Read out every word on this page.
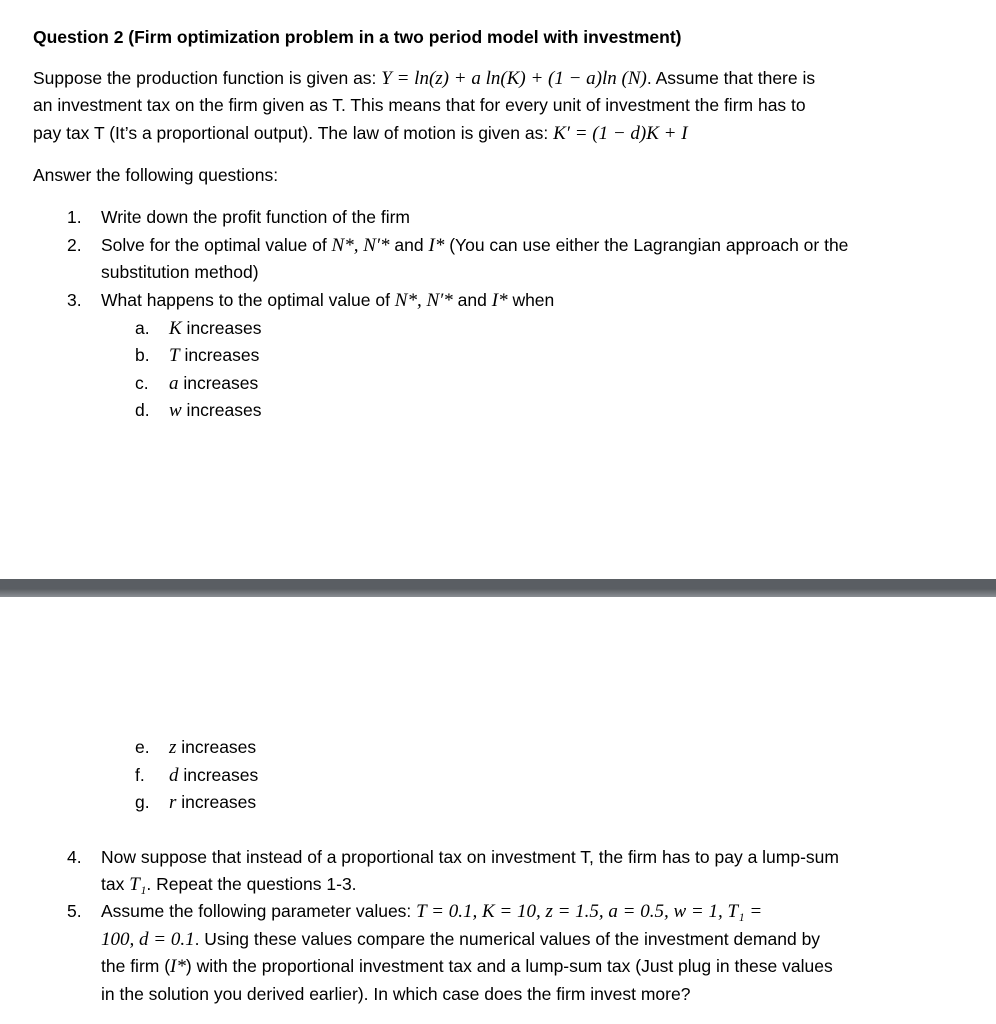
Question 2 (Firm optimization problem in a two period model with investment)
Suppose the production function is given as: Y = ln(z) + a ln(K) + (1 − a)ln (N). Assume that there is
an investment tax on the firm given as T. This means that for every unit of investment the firm has to
pay tax T (It’s a proportional output). The law of motion is given as: K′ = (1 − d)K + I
Answer the following questions:
1. Write down the profit function of the firm
2. Solve for the optimal value of N*, N′* and I* (You can use either the Lagrangian approach or the
substitution method)
3. What happens to the optimal value of N*, N′* and I* when
a. K increases
b. T increases
c. a increases
d. w increases
e. z increases
f. d increases
g. r increases
4. Now suppose that instead of a proportional tax on investment T, the firm has to pay a lump-sum
tax T₁. Repeat the questions 1-3.
5. Assume the following parameter values: T = 0.1, K = 10, z = 1.5, a = 0.5, w = 1, T₁ =
100, d = 0.1. Using these values compare the numerical values of the investment demand by
the firm (I*) with the proportional investment tax and a lump-sum tax (Just plug in these values
in the solution you derived earlier). In which case does the firm invest more?
